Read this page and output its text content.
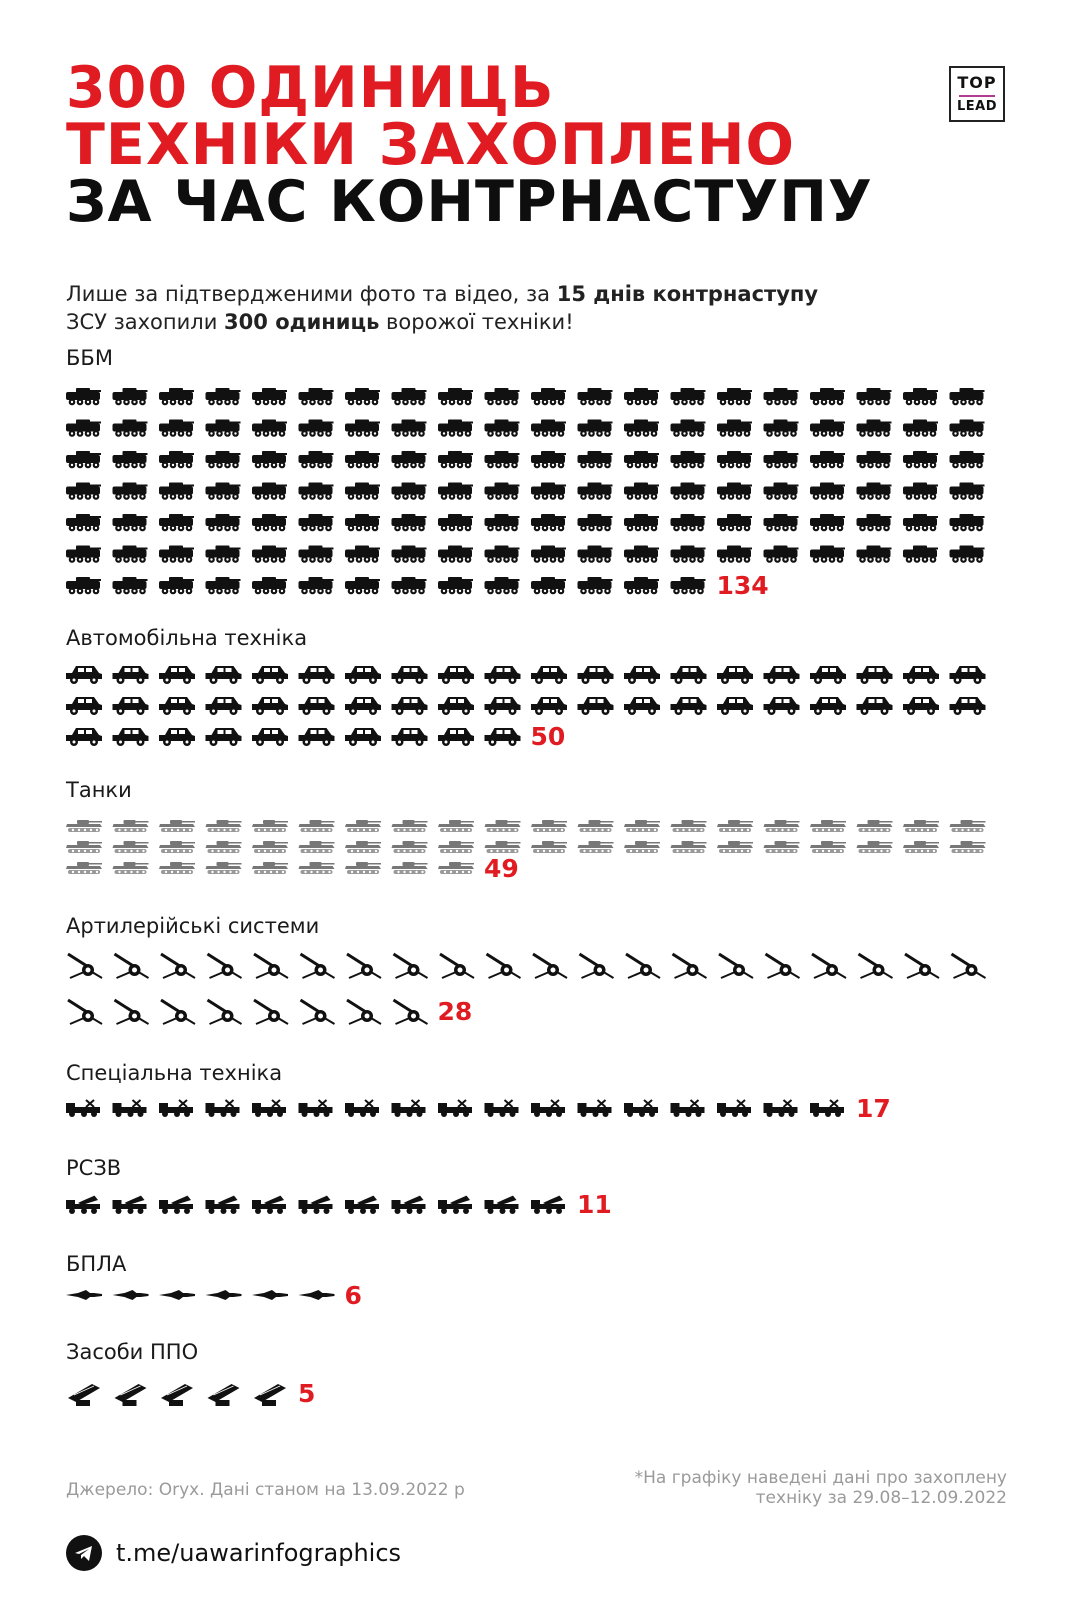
300 ОДИНИЦЬ
ТЕХНІКИ ЗАХОПЛЕНО
ЗА ЧАС КОНТРНАСТУПУ
TOP
LEAD

Лише за підтвердженими фото та відео, за 15 днів контрнаступу
ЗСУ захопили 300 одиниць ворожої техніки!

ББМ
Автомобільна техніка
Танки
Артилерійські системи
Спеціальна техніка
РСЗВ
БПЛА
Засоби ППО
134
50
49
28
17
11
6
5
Джерело: Oryx. Дані станом на 13.09.2022 р
*На графіку наведені дані про захоплену
техніку за 29.08–12.09.2022
t.me/uawarinfographics
